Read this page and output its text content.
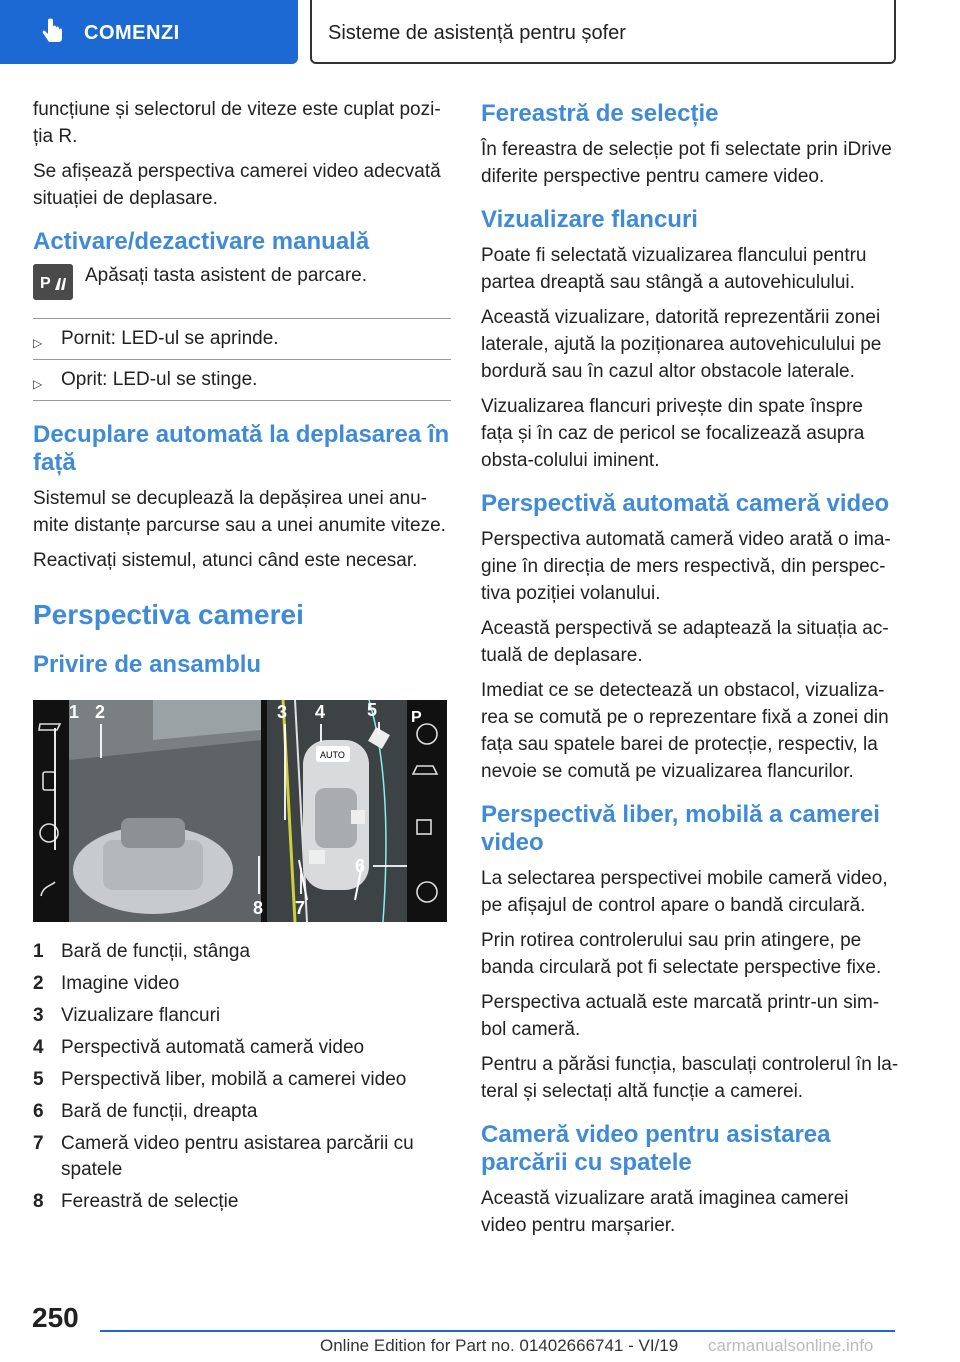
COMENZI	Sisteme de asistență pentru șofer

funcțiune și selectorul de viteze este cuplat pozi-ția R.

Se afișează perspectiva camerei video adecvată situației de deplasare.

Activare/dezactivare manuală
P Apăsați tasta asistent de parcare.
▷ Pornit: LED-ul se aprinde.
▷ Oprit: LED-ul se stinge.
Decuplare automată la deplasarea în față

Sistemul se decuplează la depășirea unei anu-mite distanțe parcurse sau a unei anumite viteze.

Reactivați sistemul, atunci când este necesar.

Perspectiva camerei
Privire de ansamblu
AUTO
P
1 2	3 4 5
6
7
8
1 Bară de funcții, stânga
2 Imagine video
3 Vizualizare flancuri
4 Perspectivă automată cameră video
5 Perspectivă liber, mobilă a camerei video
6 Bară de funcții, dreapta
7 Cameră video pentru asistarea parcării cu spatele
8 Fereastră de selecție
Fereastră de selecție

În fereastra de selecție pot fi selectate prin iDrive diferite perspective pentru camere video.

Vizualizare flancuri

Poate fi selectată vizualizarea flancului pentru partea dreaptă sau stângă a autovehiculului.

Această vizualizare, datorită reprezentării zonei laterale, ajută la poziționarea autovehiculului pe bordură sau în cazul altor obstacole laterale.

Vizualizarea flancuri privește din spate înspre fața și în caz de pericol se focalizează asupra obsta-colului iminent.

Perspectivă automată cameră video

Perspectiva automată cameră video arată o ima-gine în direcția de mers respectivă, din perspec-tiva poziției volanului.

Această perspectivă se adaptează la situația ac-tuală de deplasare.

Imediat ce se detectează un obstacol, vizualiza-rea se comută pe o reprezentare fixă a zonei din fața sau spatele barei de protecție, respectiv, la nevoie se comută pe vizualizarea flancurilor.

Perspectivă liber, mobilă a camerei video

La selectarea perspectivei mobile cameră video, pe afișajul de control apare o bandă circulară.

Prin rotirea controlerului sau prin atingere, pe banda circulară pot fi selectate perspective fixe.

Perspectiva actuală este marcată printr-un sim-bol cameră.

Pentru a părăsi funcția, basculați controlerul în la-teral și selectați altă funcție a camerei.

Cameră video pentru asistarea parcării cu spatele

Această vizualizare arată imaginea camerei video pentru marșarier.

250
Online Edition for Part no. 01402666741 - VI/19 carmanualsonline.info
